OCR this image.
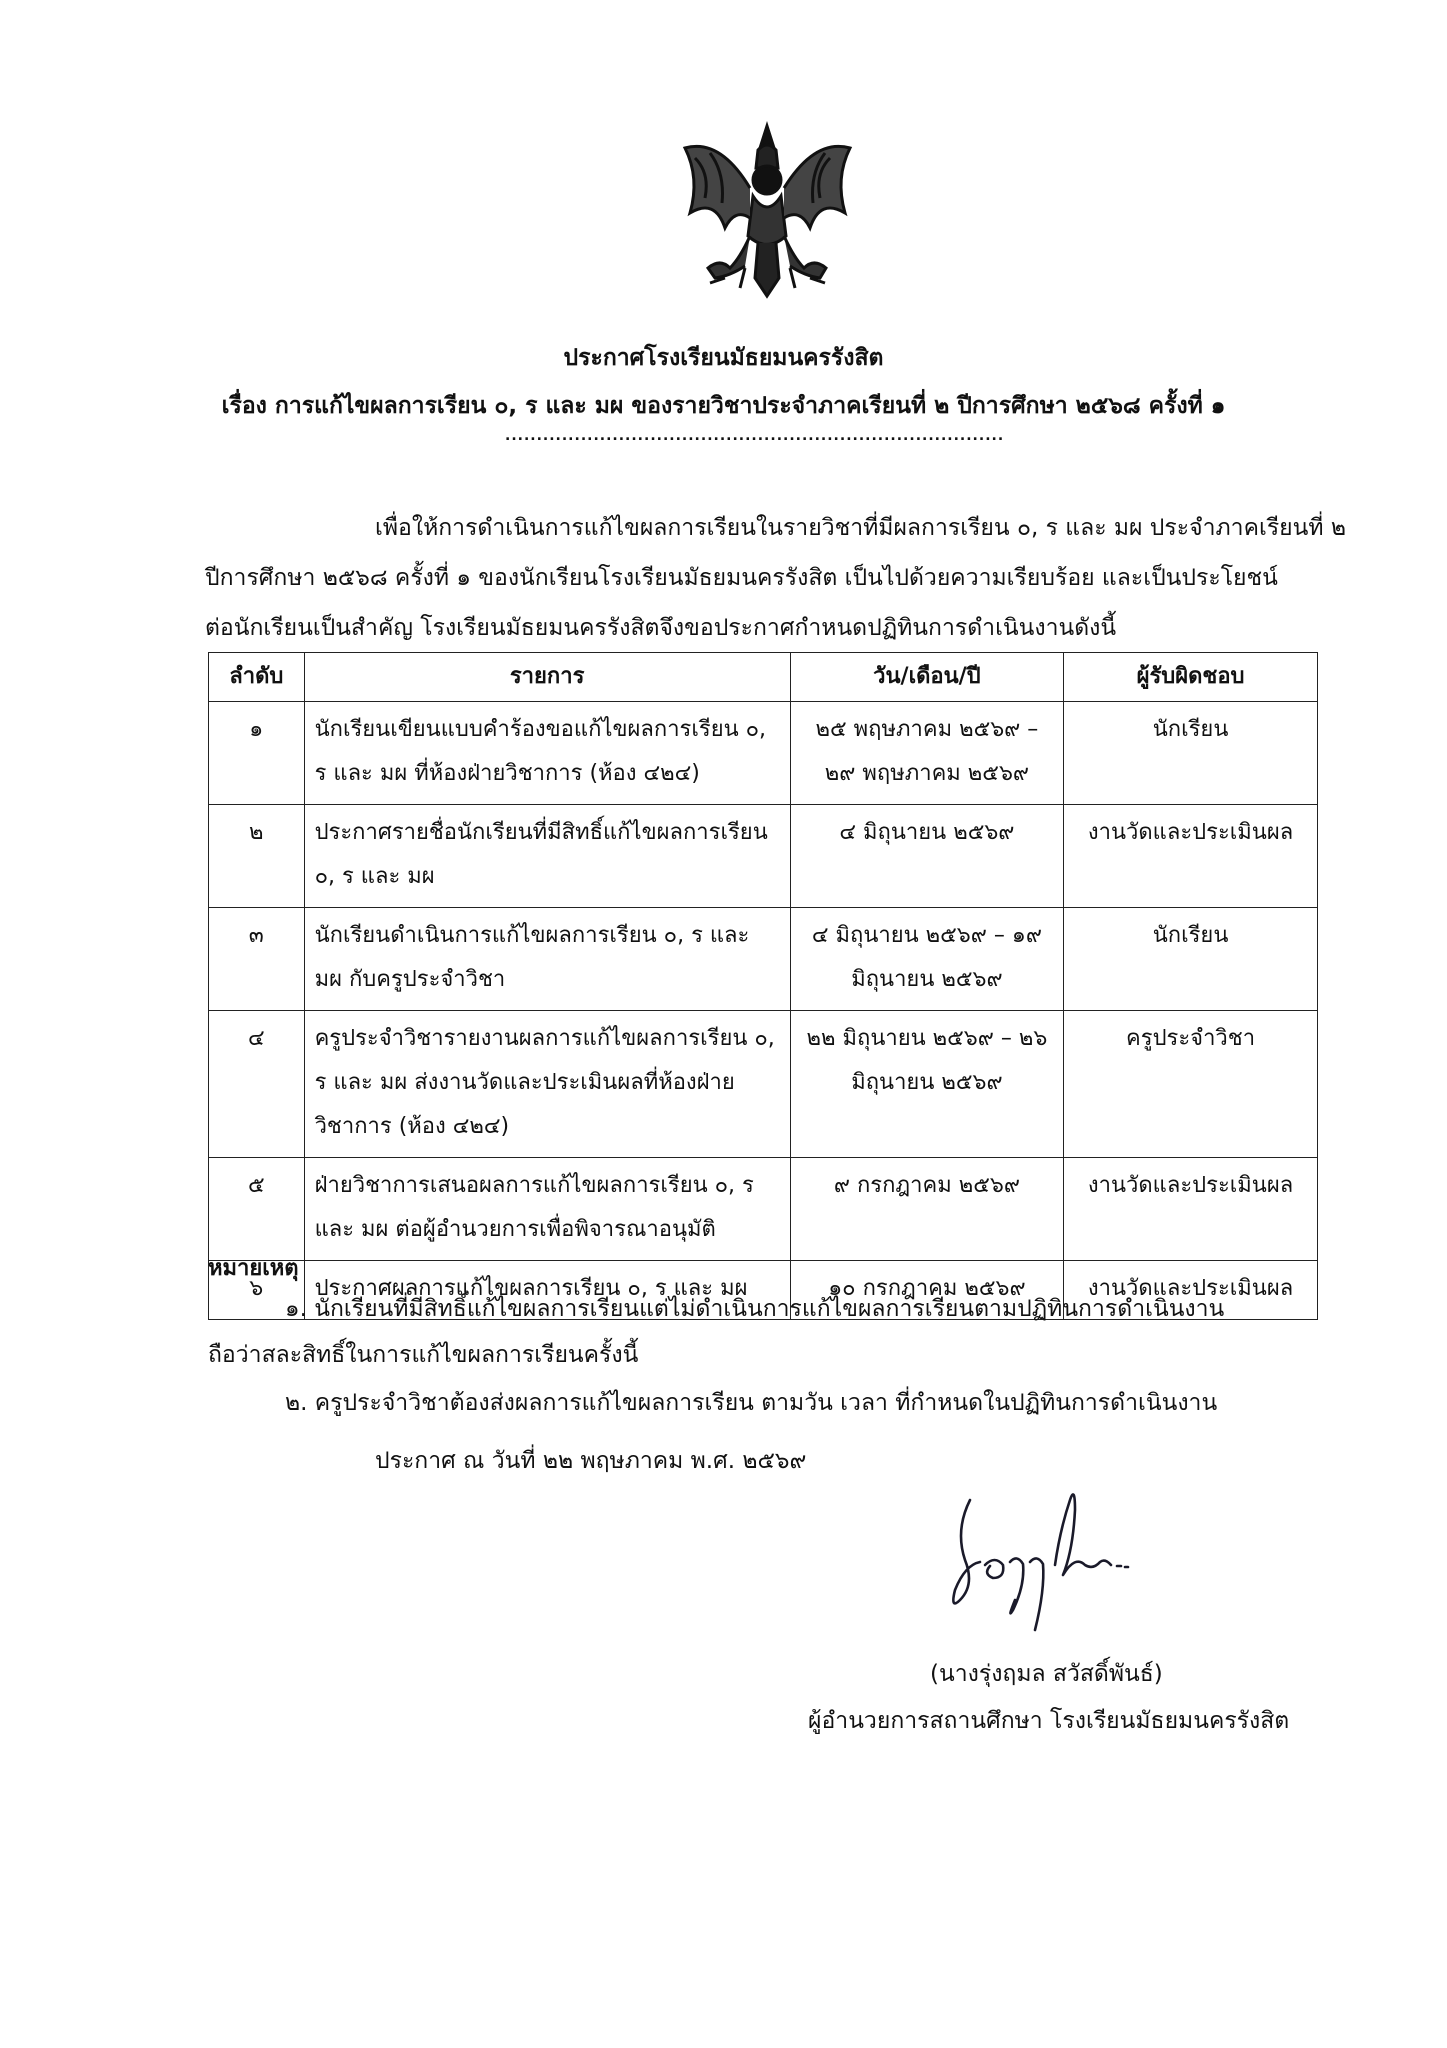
ประกาศโรงเรียนมัธยมนครรังสิต
เรื่อง การแก้ไขผลการเรียน ๐, ร และ มผ ของรายวิชาประจำภาคเรียนที่ ๒ ปีการศึกษา ๒๕๖๘ ครั้งที่ ๑
...............................................................................
เพื่อให้การดำเนินการแก้ไขผลการเรียนในรายวิชาที่มีผลการเรียน ๐, ร และ มผ ประจำภาคเรียนที่ ๒
ปีการศึกษา ๒๕๖๘ ครั้งที่ ๑ ของนักเรียนโรงเรียนมัธยมนครรังสิต เป็นไปด้วยความเรียบร้อย และเป็นประโยชน์
ต่อนักเรียนเป็นสำคัญ โรงเรียนมัธยมนครรังสิตจึงขอประกาศกำหนดปฏิทินการดำเนินงานดังนี้
ลำดับ	รายการ	วัน/เดือน/ปี	ผู้รับผิดชอบ
๑	นักเรียนเขียนแบบคำร้องขอแก้ไขผลการเรียน ๐, ร และ มผ ที่ห้องฝ่ายวิชาการ (ห้อง ๔๒๔)	๒๕ พฤษภาคม ๒๕๖๙ – ๒๙ พฤษภาคม ๒๕๖๙	นักเรียน
๒	ประกาศรายชื่อนักเรียนที่มีสิทธิ์แก้ไขผลการเรียน ๐, ร และ มผ	๔ มิถุนายน ๒๕๖๙	งานวัดและประเมินผล
๓	นักเรียนดำเนินการแก้ไขผลการเรียน ๐, ร และ มผ กับครูประจำวิชา	๔ มิถุนายน ๒๕๖๙ – ๑๙ มิถุนายน ๒๕๖๙	นักเรียน
๔	ครูประจำวิชารายงานผลการแก้ไขผลการเรียน ๐, ร และ มผ ส่งงานวัดและประเมินผลที่ห้องฝ่ายวิชาการ (ห้อง ๔๒๔)	๒๒ มิถุนายน ๒๕๖๙ – ๒๖ มิถุนายน ๒๕๖๙	ครูประจำวิชา
๕	ฝ่ายวิชาการเสนอผลการแก้ไขผลการเรียน ๐, ร และ มผ ต่อผู้อำนวยการเพื่อพิจารณาอนุมัติ	๙ กรกฎาคม ๒๕๖๙	งานวัดและประเมินผล
๖	ประกาศผลการแก้ไขผลการเรียน ๐, ร และ มผ	๑๐ กรกฎาคม ๒๕๖๙	งานวัดและประเมินผล
หมายเหตุ
๑. นักเรียนที่มีสิทธิ์แก้ไขผลการเรียนแต่ไม่ดำเนินการแก้ไขผลการเรียนตามปฏิทินการดำเนินงาน
ถือว่าสละสิทธิ์ในการแก้ไขผลการเรียนครั้งนี้
๒. ครูประจำวิชาต้องส่งผลการแก้ไขผลการเรียน ตามวัน เวลา ที่กำหนดในปฏิทินการดำเนินงาน
ประกาศ ณ วันที่ ๒๒ พฤษภาคม พ.ศ. ๒๕๖๙
(นางรุ่งฤมล สวัสดิ์พันธ์)
ผู้อำนวยการสถานศึกษา โรงเรียนมัธยมนครรังสิต
